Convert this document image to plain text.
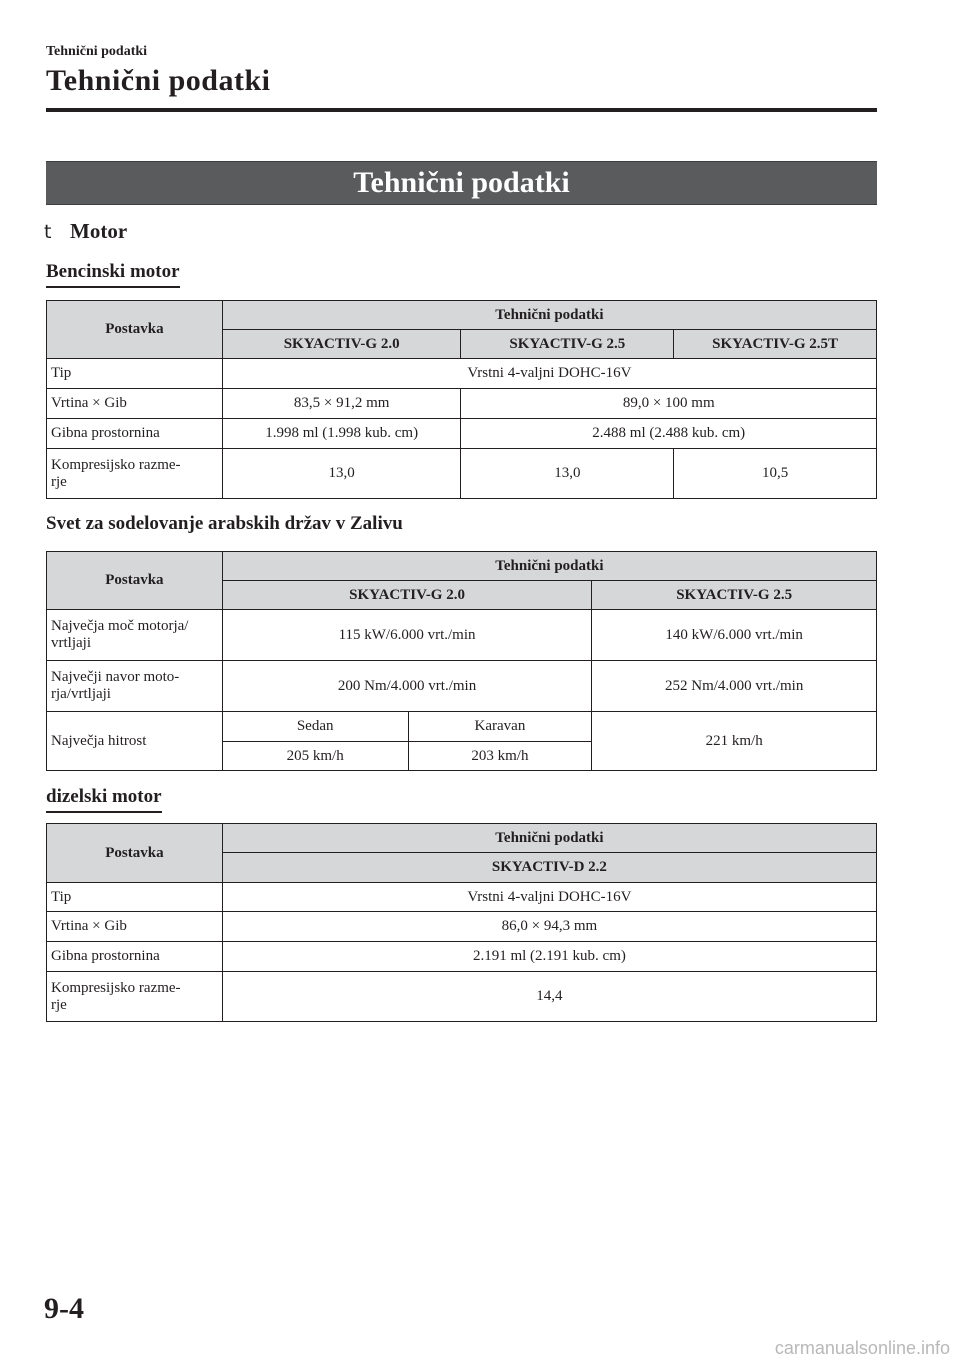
Tehnični podatki
Tehnični podatki
Tehnični podatki
t Motor
Bencinski motor
Postavka	Tehnični podatki		
	SKYACTIV-G 2.0	SKYACTIV-G 2.5	SKYACTIV-G 2.5T
Tip	Vrstni 4-valjni DOHC-16V		
Vrtina × Gib	83,5 × 91,2 mm	89,0 × 100 mm	
Gibna prostornina	1.998 ml (1.998 kub. cm)	2.488 ml (2.488 kub. cm)	
Kompresijsko razme-
rje	13,0	13,0	10,5
Svet za sodelovanje arabskih držav v Zalivu
Postavka	Tehnični podatki		
	SKYACTIV-G 2.0		SKYACTIV-G 2.5
Največja moč motorja/
vrtljaji	115 kW/6.000 vrt./min		140 kW/6.000 vrt./min
Največji navor moto-
rja/vrtljaji	200 Nm/4.000 vrt./min		252 Nm/4.000 vrt./min
Največja hitrost	Sedan	Karavan	221 km/h
	205 km/h	203 km/h	
dizelski motor
Postavka	Tehnični podatki
	SKYACTIV-D 2.2
Tip	Vrstni 4-valjni DOHC-16V
Vrtina × Gib	86,0 × 94,3 mm
Gibna prostornina	2.191 ml (2.191 kub. cm)
Kompresijsko razme-
rje	14,4
9-4
carmanualsonline.info
